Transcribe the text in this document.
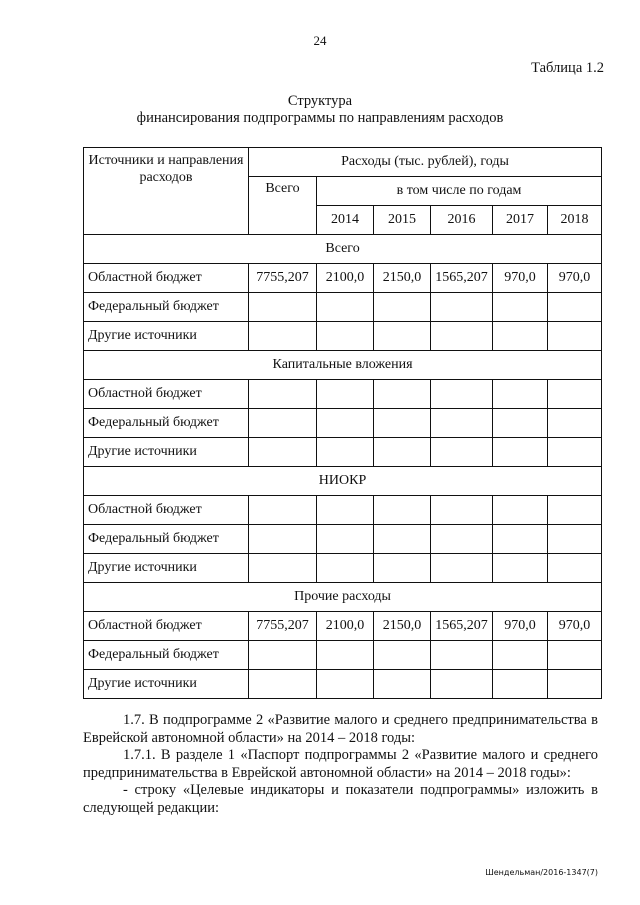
24
Таблица 1.2
Структура
финансирования подпрограммы по направлениям расходов
Источники и направления расходов	Расходы (тыс. рублей), годы					
	Всего	в том числе по годам				
		2014	2015	2016	2017	2018
Всего						
Областной бюджет	7755,207	2100,0	2150,0	1565,207	970,0	970,0
Федеральный бюджет						
Другие источники						
Капитальные вложения						
Областной бюджет						
Федеральный бюджет						
Другие источники						
НИОКР						
Областной бюджет						
Федеральный бюджет						
Другие источники						
Прочие расходы						
Областной бюджет	7755,207	2100,0	2150,0	1565,207	970,0	970,0
Федеральный бюджет						
Другие источники						

1.7. В подпрограмме 2 «Развитие малого и среднего предпринимательства в Еврейской автономной области» на 2014 – 2018 годы:

1.7.1. В разделе 1 «Паспорт подпрограммы 2 «Развитие малого и среднего предпринимательства в Еврейской автономной области» на 2014 – 2018 годы»:

- строку «Целевые индикаторы и показатели подпрограммы» изложить в следующей редакции:

Шендельман/2016-1347(7)
